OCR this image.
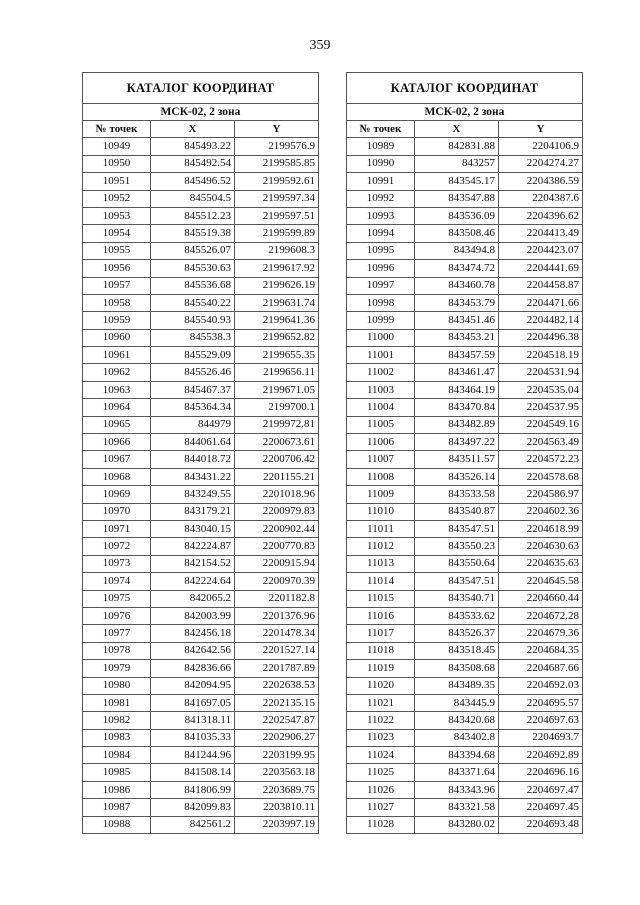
359
КАТАЛОГ КООРДИНАТ		
МСК-02, 2 зона		
№ точек	X	Y
10949	845493.22	2199576.9
10950	845492.54	2199585.85
10951	845496.52	2199592.61
10952	845504.5	2199597.34
10953	845512.23	2199597.51
10954	845519.38	2199599.89
10955	845526.07	2199608.3
10956	845530.63	2199617.92
10957	845536.68	2199626.19
10958	845540.22	2199631.74
10959	845540.93	2199641.36
10960	845538.3	2199652.82
10961	845529.09	2199655.35
10962	845526.46	2199656.11
10963	845467.37	2199671.05
10964	845364.34	2199700.1
10965	844979	2199972.81
10966	844061.64	2200673.61
10967	844018.72	2200706.42
10968	843431.22	2201155.21
10969	843249.55	2201018.96
10970	843179.21	2200979.83
10971	843040.15	2200902.44
10972	842224.87	2200770.83
10973	842154.52	2200915.94
10974	842224.64	2200970.39
10975	842065.2	2201182.8
10976	842003.99	2201376.96
10977	842456.18	2201478.34
10978	842642.56	2201527.14
10979	842836.66	2201787.89
10980	842094.95	2202638.53
10981	841697.05	2202135.15
10982	841318.11	2202547.87
10983	841035.33	2202906.27
10984	841244.96	2203199.95
10985	841508.14	2203563.18
10986	841806.99	2203689.75
10987	842099.83	2203810.11
10988	842561.2	2203997.19
КАТАЛОГ КООРДИНАТ		
МСК-02, 2 зона		
№ точек	X	Y
10989	842831.88	2204106.9
10990	843257	2204274.27
10991	843545.17	2204386.59
10992	843547.88	2204387.6
10993	843536.09	2204396.62
10994	843508.46	2204413.49
10995	843494.8	2204423.07
10996	843474.72	2204441.69
10997	843460.78	2204458.87
10998	843453.79	2204471.66
10999	843451.46	2204482.14
11000	843453.21	2204496.38
11001	843457.59	2204518.19
11002	843461.47	2204531.94
11003	843464.19	2204535.04
11004	843470.84	2204537.95
11005	843482.89	2204549.16
11006	843497.22	2204563.49
11007	843511.57	2204572.23
11008	843526.14	2204578.68
11009	843533.58	2204586.97
11010	843540.87	2204602.36
11011	843547.51	2204618.99
11012	843550.23	2204630.63
11013	843550.64	2204635.63
11014	843547.51	2204645.58
11015	843540.71	2204660.44
11016	843533.62	2204672.28
11017	843526.37	2204679.36
11018	843518.45	2204684.35
11019	843508.68	2204687.66
11020	843489.35	2204692.03
11021	843445.9	2204695.57
11022	843420.68	2204697.63
11023	843402.8	2204693.7
11024	843394.68	2204692.89
11025	843371.64	2204696.16
11026	843343.96	2204697.47
11027	843321.58	2204697.45
11028	843280.02	2204693.48
